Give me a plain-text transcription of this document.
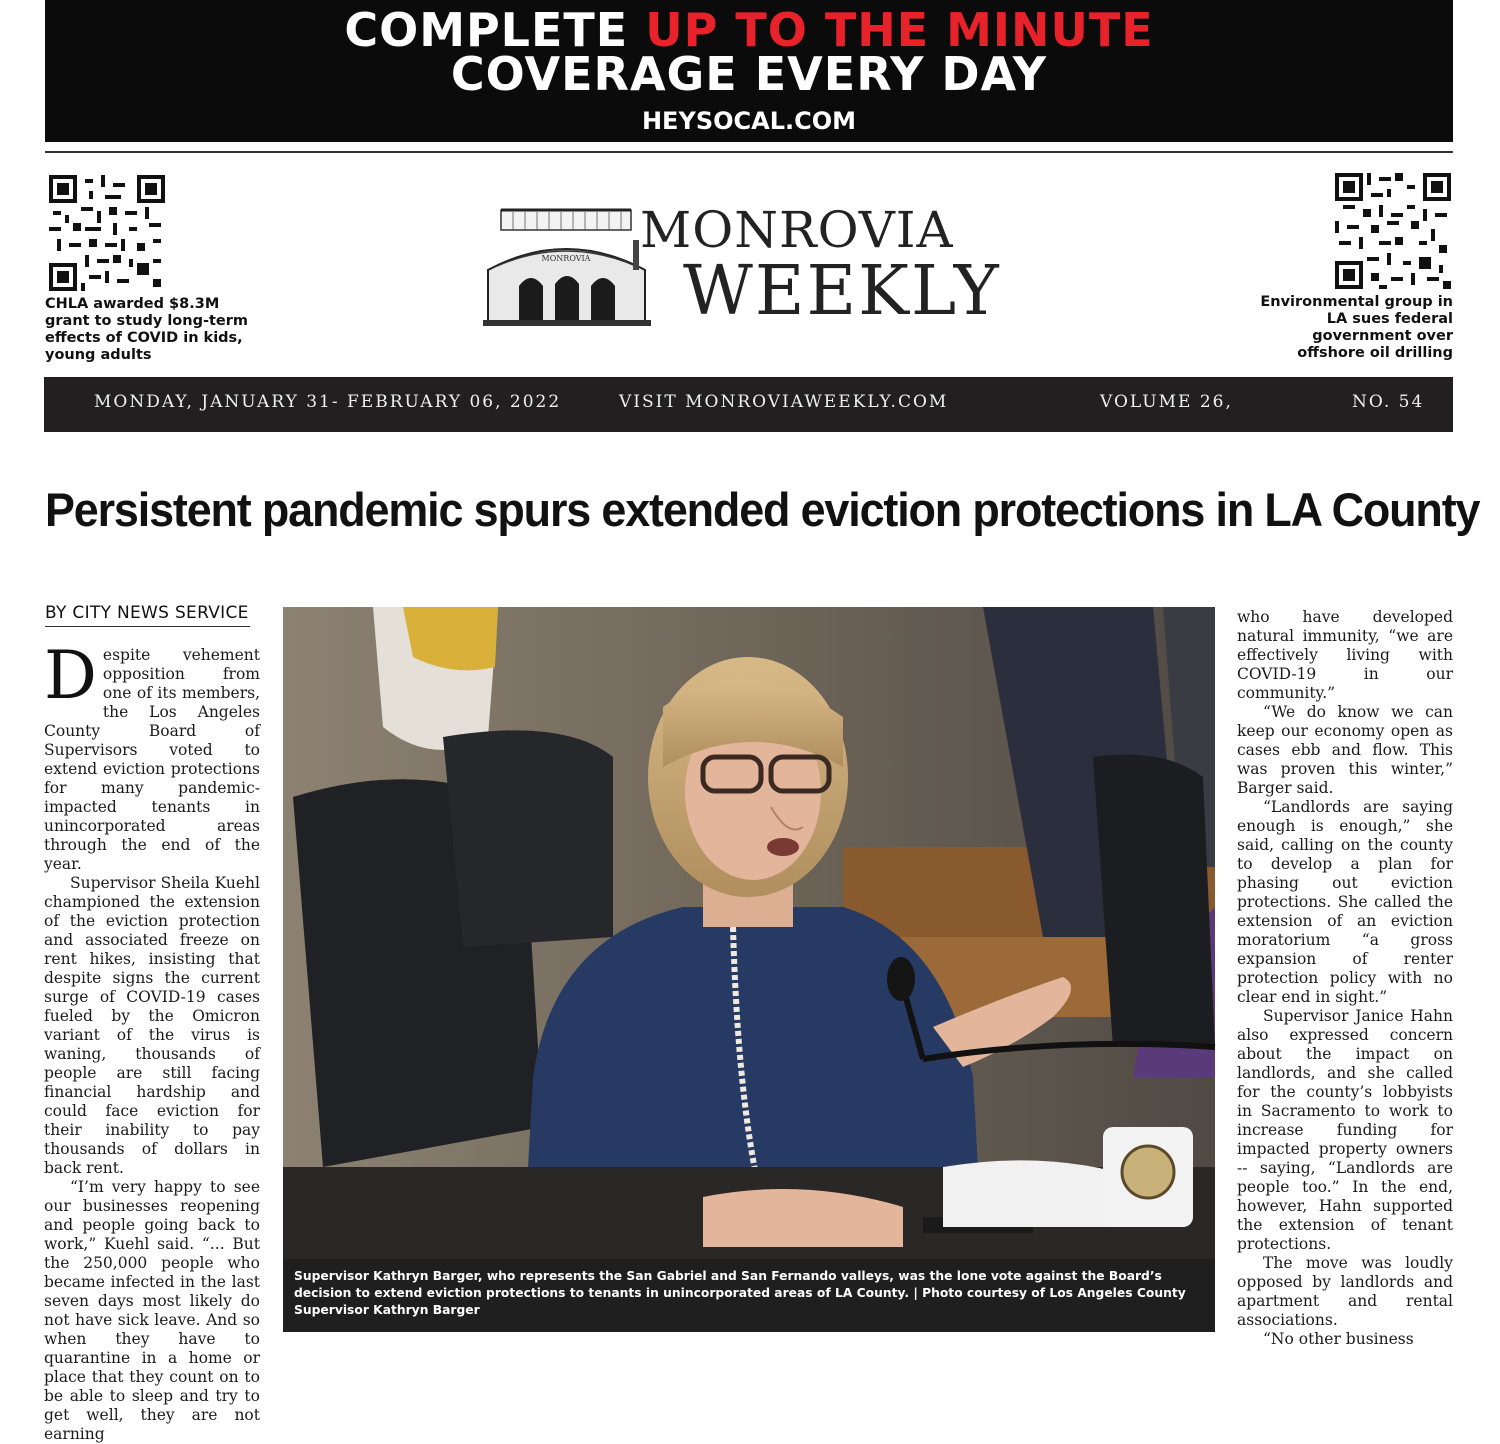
COMPLETE UP TO THE MINUTE
COVERAGE EVERY DAY
HEYSOCAL.COM
CHLA awarded $8.3M grant to study long-term effects of COVID in kids, young adults
Environmental group in LA sues federal government over offshore oil drilling
MONROVIA MONROVIA
WEEKLY
MONDAY, JANUARY 31- FEBRUARY 06, 2022	VISIT MONROVIAWEEKLY.COM	VOLUME 26,	NO. 54
Persistent pandemic spurs extended eviction protections in LA County
BY CITY NEWS SERVICE

Despite vehement opposition from one of its members, the Los Angeles County Board of Supervisors voted to extend eviction protections for many pandemic-impacted tenants in unincorporated areas through the end of the year.

Supervisor Sheila Kuehl championed the extension of the eviction protection and associated freeze on rent hikes, insisting that despite signs the current surge of COVID-19 cases fueled by the Omicron variant of the virus is waning, thousands of people are still facing financial hardship and could face eviction for their inability to pay thousands of dollars in back rent.

“I’m very happy to see our businesses reopening and people going back to work,” Kuehl said. “... But the 250,000 people who became infected in the last seven days most likely do not have sick leave. And so when they have to quarantine in a home or place that they count on to be able to sleep and try to get well, they are not earning

Supervisor Kathryn Barger, who represents the San Gabriel and San Fernando valleys, was the lone vote against the Board’s decision to extend eviction protections to tenants in unincorporated areas of LA County. | Photo courtesy of Los Angeles County Supervisor Kathryn Barger

who have developed natural immunity, “we are effectively living with COVID-19 in our community.”

“We do know we can keep our economy open as cases ebb and flow. This was proven this winter,” Barger said.

“Landlords are saying enough is enough,” she said, calling on the county to develop a plan for phasing out eviction protections. She called the extension of an eviction moratorium “a gross expansion of renter protection policy with no clear end in sight.”

Supervisor Janice Hahn also expressed concern about the impact on landlords, and she called for the county’s lobbyists in Sacramento to work to increase funding for impacted property owners -- saying, “Landlords are people too.” In the end, however, Hahn supported the extension of tenant protections.

The move was loudly opposed by landlords and apartment and rental associations.

“No other business
